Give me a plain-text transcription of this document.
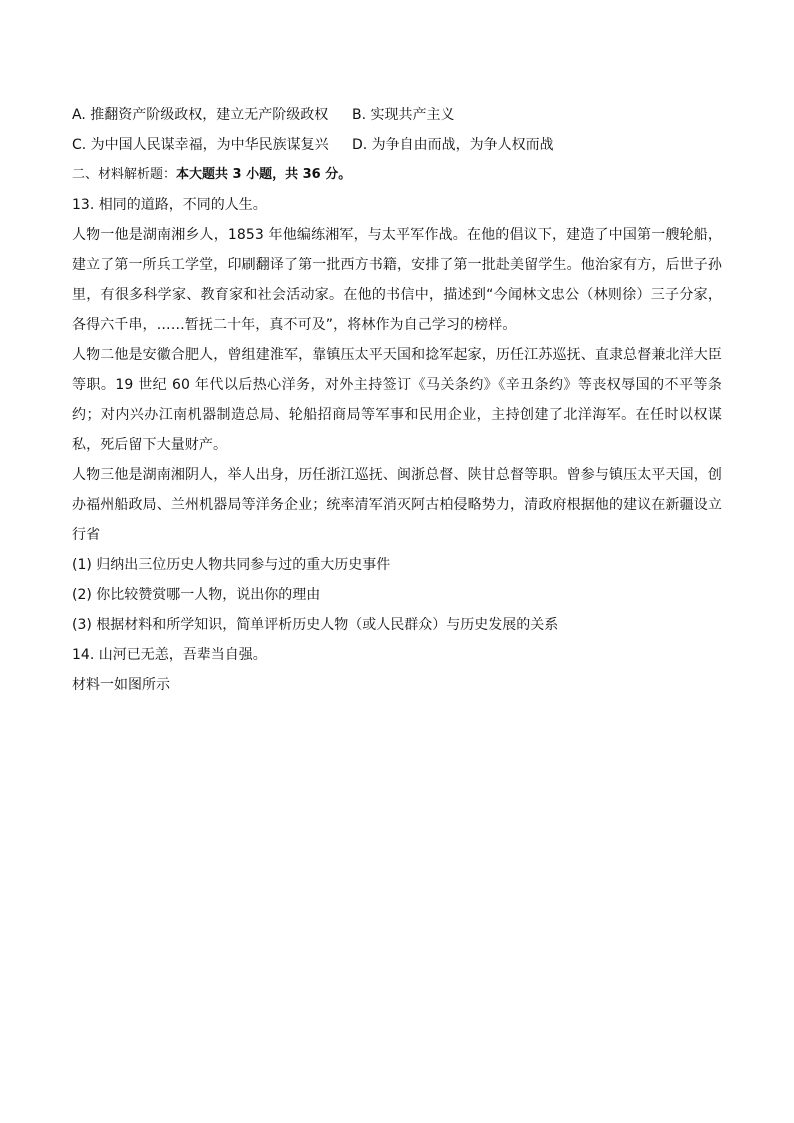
A. 推翻资产阶级政权，建立无产阶级政权	B. 实现共产主义
C. 为中国人民谋幸福，为中华民族谋复兴	D. 为争自由而战，为争人权而战
二、材料解析题：本大题共 3 小题，共 36 分。
13. 相同的道路，不同的人生。
人物一他是湖南湘乡人，1853 年他编练湘军，与太平军作战。在他的倡议下，建造了中国第一艘轮船，建立了第一所兵工学堂，印刷翻译了第一批西方书籍，安排了第一批赴美留学生。他治家有方，后世子孙里，有很多科学家、教育家和社会活动家。在他的书信中，描述到“今闻林文忠公（林则徐）三子分家，各得六千串，……暂抚二十年，真不可及”，将林作为自己学习的榜样。
人物二他是安徽合肥人，曾组建淮军，靠镇压太平天国和捻军起家，历任江苏巡抚、直隶总督兼北洋大臣等职。19 世纪 60 年代以后热心洋务，对外主持签订《马关条约》《辛丑条约》等丧权辱国的不平等条约；对内兴办江南机器制造总局、轮船招商局等军事和民用企业，主持创建了北洋海军。在任时以权谋私，死后留下大量财产。
人物三他是湖南湘阴人，举人出身，历任浙江巡抚、闽浙总督、陕甘总督等职。曾参与镇压太平天国，创办福州船政局、兰州机器局等洋务企业；统率清军消灭阿古柏侵略势力，清政府根据他的建议在新疆设立行省
(1) 归纳出三位历史人物共同参与过的重大历史事件
(2) 你比较赞赏哪一人物，说出你的理由
(3) 根据材料和所学知识，简单评析历史人物（或人民群众）与历史发展的关系
14. 山河已无恙，吾辈当自强。
材料一如图所示
